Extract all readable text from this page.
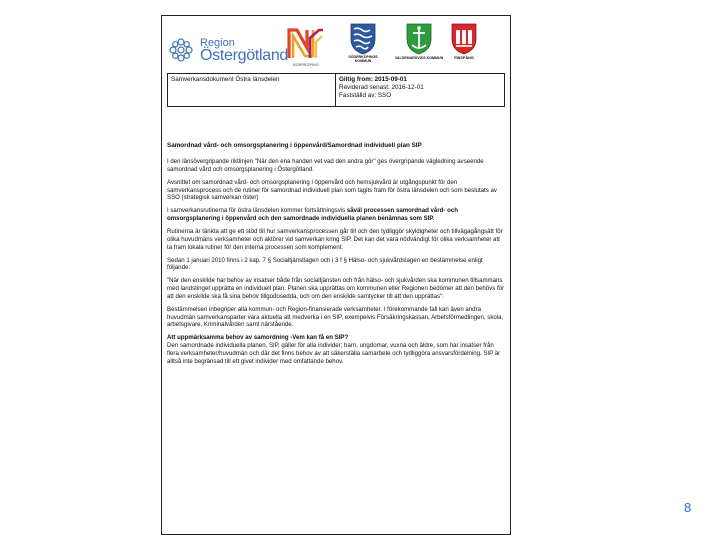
Region
Östergötland
NORRKÖPING
SÖDERKÖPINGS KOMMUN
VALDEMARSVIKS KOMMUN	FINSPÅNG
Samverkansdokument Östra länsdelen	Giltig from: 2015-09-01
Reviderad senast: 2016-12-01
Fastställd av: SSO

Samordnad vård- och omsorgsplanering i öppenvård/Samordnad individuell plan SIP

I den länsövergripande riktlinjen "När den ena handen vet vad den andra gör" ges övergripande vägledning avseende samordnad vård och omsorgsplanering i Östergötland.

Avsnittet om samordnad vård- och omsorgsplanering i öppenvård och hemsjukvård är utgångspunkt för den samverkansprocess och de rutiner för samordnad individuell plan som tagits fram för östra länsdelen och som beslutats av SSO (strategisk samverkan öster)

I samverkansrutinerna för östra länsdelen kommer fortsättningsvis såväl processen samordnad vård- och omsorgsplanering i öppenvård och den samordnade individuella planen benämnas som SIP.

Rutinerna är tänkta att ge ett stöd till hur samverkansprocessen går till och den tydliggör skyldigheter och tillvägagångsätt för olika huvudmäns verksamheter och aktörer vid samverkan kring SIP. Det kan det vara nödvändigt för olika verksamheter att ta fram lokala rutiner för den interna processen som komplement.

Sedan 1 januari 2010 finns i 2 kap. 7 § Socialtjänstlagen och i 3 f § Hälso- och sjukvårdslagen en bestämmelse enligt följande:

"När den enskilde har behov av insatser både från socialtjänsten och från hälso- och sjukvården ska kommunen tillsammans med landstinget upprätta en individuell plan. Planen ska upprättas om kommunen eller Regionen bedömer att den behövs för att den enskilde ska få sina behov tillgodosedda, och om den enskilde samtycker till att den upprättas".

Bestämmelsen inbegriper alla kommun- och Region-finansierade verksamheter. I förekommande fall kan även andra huvudmän samverkansparter vara aktuella att medverka i en SIP, exempelvis Försäkringskassan, Arbetsförmedlingen, skola, arbetsgivare, Kriminalvården samt närstående.

Att uppmärksamma behov av samordning -Vem kan få en SIP?
Den samordnade individuella planen, SIP, gäller för alla individer; barn, ungdomar, vuxna och äldre, som har insatser från flera verksamheter/huvudmän och där det finns behov av att säkerställa samarbete och tydliggöra ansvarsfördelning. SIP är alltså inte begränsad till ett givet individer med omfattande behov.

8
